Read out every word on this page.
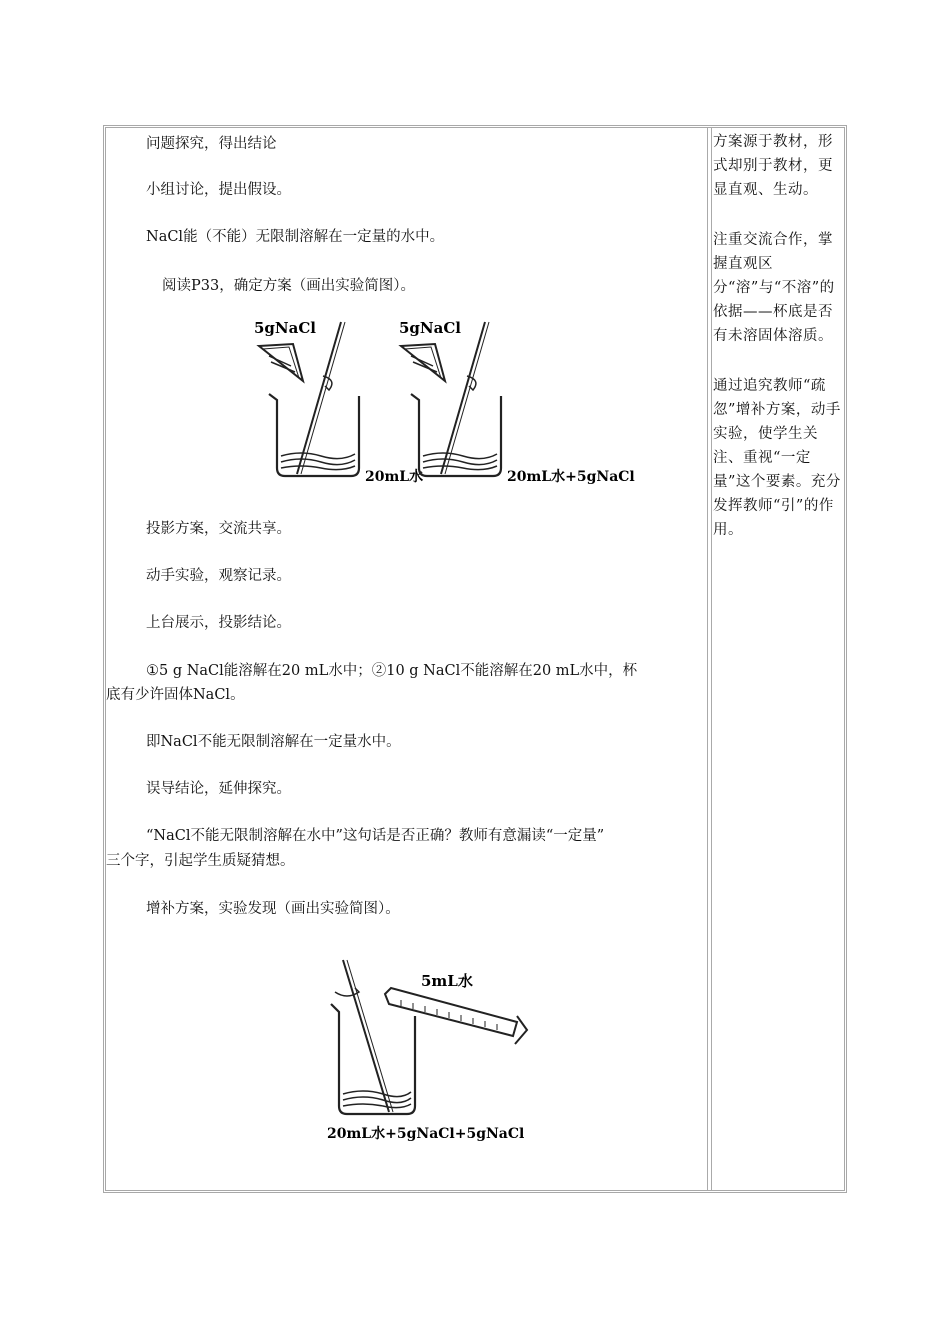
问题探究，得出结论
小组讨论，提出假设。
NaCl能（不能）无限制溶解在一定量的水中。
阅读P33，确定方案（画出实验简图）。
5gNaCl
20mL水
5gNaCl
20mL水+5gNaCl
投影方案，交流共享。
动手实验，观察记录。
上台展示，投影结论。
①5 g NaCl能溶解在20 mL水中；②10 g NaCl不能溶解在20 mL水中，杯
底有少许固体NaCl。
即NaCl不能无限制溶解在一定量水中。
误导结论，延伸探究。
“NaCl不能无限制溶解在水中”这句话是否正确？教师有意漏读“一定量”
三个字，引起学生质疑猜想。
增补方案，实验发现（画出实验简图）。
5mL水
20mL水+5gNaCl+5gNaCl
方案源于教材，形式却别于教材，更显直观、生动。
注重交流合作，掌握直观区分“溶”与“不溶”的依据——杯底是否有未溶固体溶质。
通过追究教师“疏忽”增补方案，动手实验，使学生关注、重视“一定量”这个要素。充分发挥教师“引”的作用。
